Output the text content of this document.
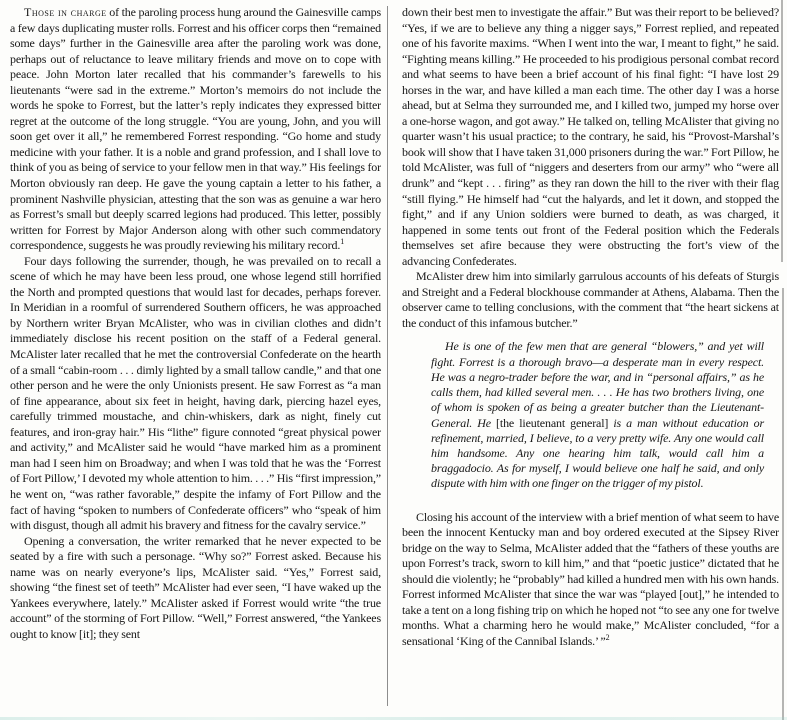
Those in charge of the paroling process hung around the Gainesville camps a few days duplicating muster rolls. Forrest and his officer corps then “remained some days” further in the Gainesville area after the paroling work was done, perhaps out of reluctance to leave military friends and move on to cope with peace. John Morton later recalled that his commander’s farewells to his lieutenants “were sad in the extreme.” Morton’s memoirs do not include the words he spoke to Forrest, but the latter’s reply indicates they expressed bitter regret at the outcome of the long struggle. “You are young, John, and you will soon get over it all,” he remembered Forrest responding. “Go home and study medicine with your father. It is a noble and grand profession, and I shall love to think of you as being of service to your fellow men in that way.” His feelings for Morton obviously ran deep. He gave the young captain a letter to his father, a prominent Nashville physician, attesting that the son was as genuine a war hero as Forrest’s small but deeply scarred legions had produced. This letter, possibly written for Forrest by Major Anderson along with other such commendatory correspondence, suggests he was proudly reviewing his military record.$^1$

Four days following the surrender, though, he was prevailed on to recall a scene of which he may have been less proud, one whose legend still horrified the North and prompted questions that would last for decades, perhaps forever. In Meridian in a roomful of surrendered Southern officers, he was approached by Northern writer Bryan McAlister, who was in civilian clothes and didn’t immediately disclose his recent position on the staff of a Federal general. McAlister later recalled that he met the controversial Confederate on the hearth of a small “cabin-room . . . dimly lighted by a small tallow candle,” and that one other person and he were the only Unionists present. He saw Forrest as “a man of fine appearance, about six feet in height, having dark, piercing hazel eyes, carefully trimmed moustache, and chin-whiskers, dark as night, finely cut features, and iron-gray hair.” His “lithe” figure connoted “great physical power and activity,” and McAlister said he would “have marked him as a prominent man had I seen him on Broadway; and when I was told that he was the ‘Forrest of Fort Pillow,’ I devoted my whole attention to him. . . .” His “first impression,” he went on, “was rather favorable,” despite the infamy of Fort Pillow and the fact of having “spoken to numbers of Confederate officers” who “speak of him with disgust, though all admit his bravery and fitness for the cavalry service.”

Opening a conversation, the writer remarked that he never expected to be seated by a fire with such a personage. “Why so?” Forrest asked. Because his name was on nearly everyone’s lips, McAlister said. “Yes,” Forrest said, showing “the finest set of teeth” McAlister had ever seen, “I have waked up the Yankees everywhere, lately.” McAlister asked if Forrest would write “the true account” of the storming of Fort Pillow. “Well,” Forrest answered, “the Yankees ought to know [it]; they sent

down their best men to investigate the affair.” But was their report to be believed? “Yes, if we are to believe any thing a nigger says,” Forrest replied, and repeated one of his favorite maxims. “When I went into the war, I meant to fight,” he said. “Fighting means killing.” He proceeded to his prodigious personal combat record and what seems to have been a brief account of his final fight: “I have lost 29 horses in the war, and have killed a man each time. The other day I was a horse ahead, but at Selma they surrounded me, and I killed two, jumped my horse over a one-horse wagon, and got away.” He talked on, telling McAlister that giving no quarter wasn’t his usual practice; to the contrary, he said, his “Provost-Marshal’s book will show that I have taken 31,000 prisoners during the war.” Fort Pillow, he told McAlister, was full of “niggers and deserters from our army” who “were all drunk” and “kept . . . firing” as they ran down the hill to the river with their flag “still flying.” He himself had “cut the halyards, and let it down, and stopped the fight,” and if any Union soldiers were burned to death, as was charged, it happened in some tents out front of the Federal position which the Federals themselves set afire because they were obstructing the fort’s view of the advancing Confederates.

McAlister drew him into similarly garrulous accounts of his defeats of Sturgis and Streight and a Federal blockhouse commander at Athens, Alabama. Then the observer came to telling conclusions, with the comment that “the heart sickens at the conduct of this infamous butcher.”

He is one of the few men that are general “blowers,” and yet will fight. Forrest is a thorough bravo—a desperate man in every respect. He was a negro-trader before the war, and in “personal affairs,” as he calls them, had killed several men. . . . He has two brothers living, one of whom is spoken of as being a greater butcher than the Lieutenant-General. He [the lieutenant general] is a man without education or refinement, married, I believe, to a very pretty wife. Any one would call him handsome. Any one hearing him talk, would call him a braggadocio. As for myself, I would believe one half he said, and only dispute with him with one finger on the trigger of my pistol.

Closing his account of the interview with a brief mention of what seem to have been the innocent Kentucky man and boy ordered executed at the Sipsey River bridge on the way to Selma, McAlister added that the “fathers of these youths are upon Forrest’s track, sworn to kill him,” and that “poetic justice” dictated that he should die violently; he “probably” had killed a hundred men with his own hands. Forrest informed McAlister that since the war was “played [out],” he intended to take a tent on a long fishing trip on which he hoped not “to see any one for twelve months. What a charming hero he would make,” McAlister concluded, “for a sensational ‘King of the Cannibal Islands.’ ”$^2$
